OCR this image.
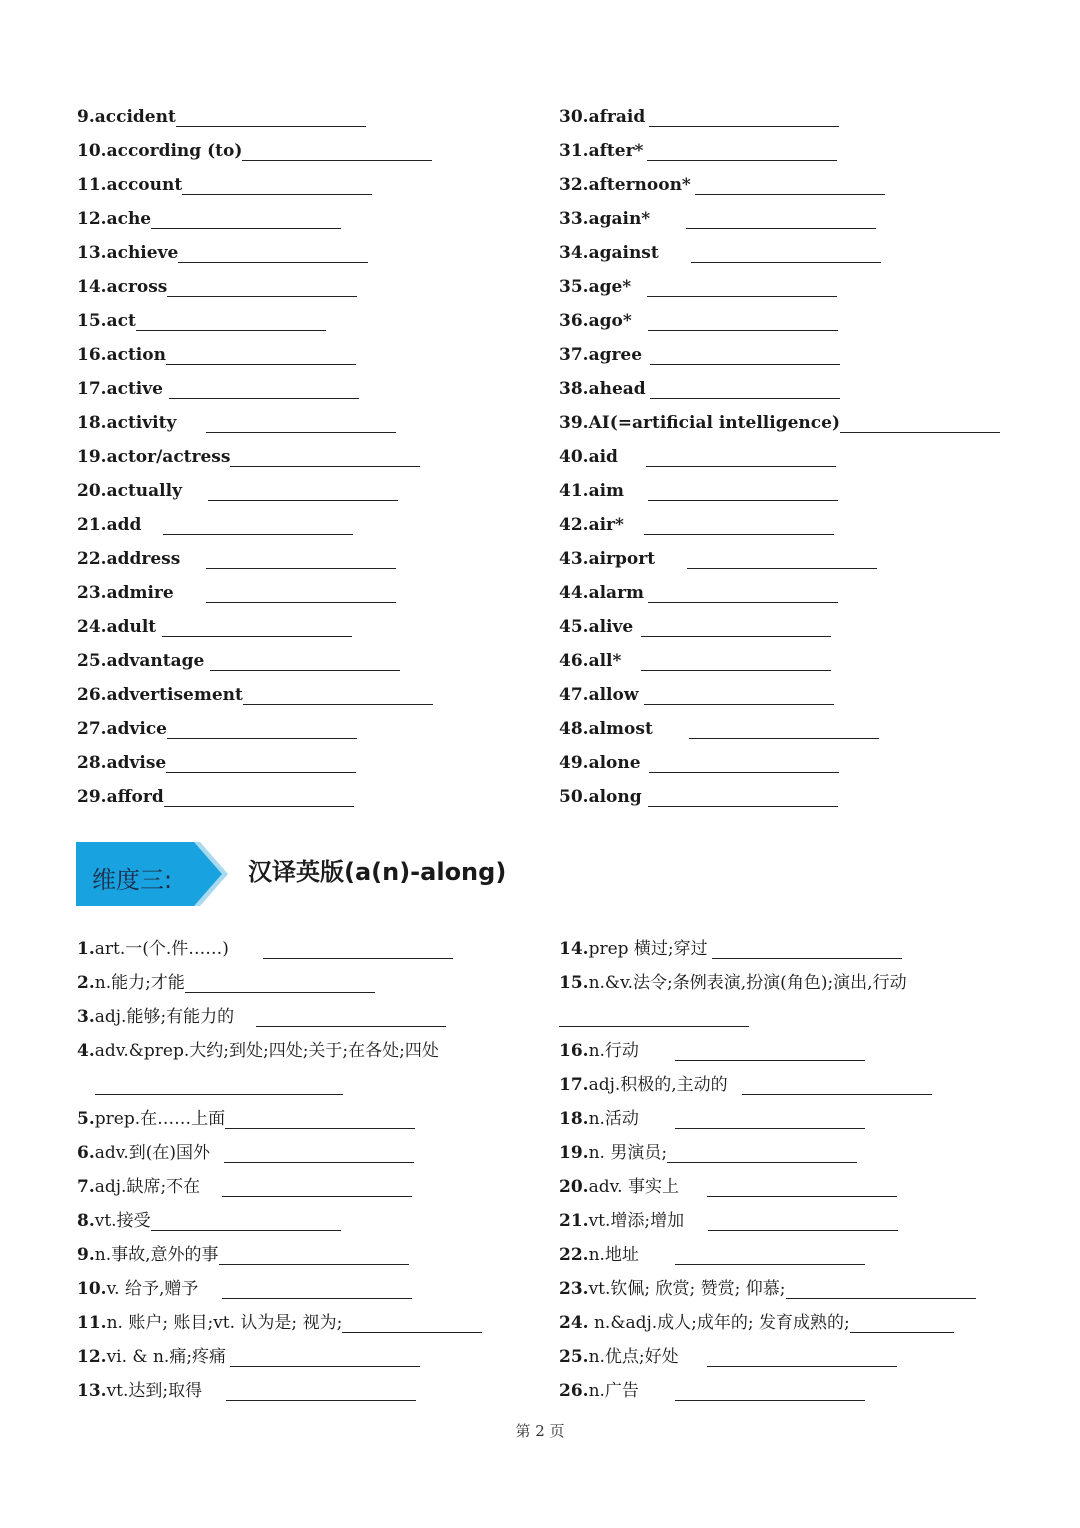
9.accident
10.according (to)
11.account
12.ache
13.achieve
14.across
15.act
16.action
17.active
18.activity
19.actor/actress
20.actually
21.add
22.address
23.admire
24.adult
25.advantage
26.advertisement
27.advice
28.advise
29.afford
30.afraid
31.after*
32.afternoon*
33.again*
34.against
35.age*
36.ago*
37.agree
38.ahead
39.AI(=artificial intelligence)
40.aid
41.aim
42.air*
43.airport
44.alarm
45.alive
46.all*
47.allow
48.almost
49.alone
50.along
维度三:	汉译英版(a(n)-along)
1.art.一(个.件……)
2.n.能力;才能
3.adj.能够;有能力的
4.adv.&prep.大约;到处;四处;关于;在各处;四处
5.prep.在……上面
6.adv.到(在)国外
7.adj.缺席;不在
8.vt.接受
9.n.事故,意外的事
10.v. 给予,赠予
11.n. 账户; 账目;vt. 认为是; 视为;
12.vi. & n.痛;疼痛
13.vt.达到;取得
14.prep 横过;穿过
15.n.&v.法令;条例表演,扮演(角色);演出,行动
16.n.行动
17.adj.积极的,主动的
18.n.活动
19.n. 男演员;
20.adv. 事实上
21.vt.增添;增加
22.n.地址
23.vt.钦佩; 欣赏; 赞赏; 仰慕;
24. n.&adj.成人;成年的; 发育成熟的;
25.n.优点;好处
26.n.广告
第 2 页
